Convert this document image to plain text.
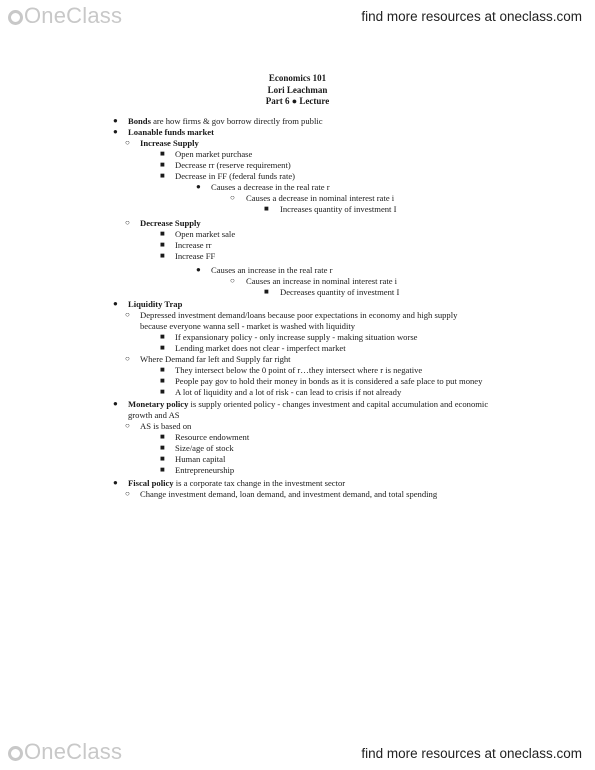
OneClass	find more resources at oneclass.com
Economics 101
Lori Leachman
Part 6 ● Lecture
● Bonds are how firms & gov borrow directly from public
● Loanable funds market
○ Increase Supply
■ Open market purchase
■ Decrease rr (reserve requirement)
■ Decrease in FF (federal funds rate)
● Causes a decrease in the real rate r
○ Causes a decrease in nominal interest rate i
■ Increases quantity of investment I
○ Decrease Supply
■ Open market sale
■ Increase rr
■ Increase FF
● Causes an increase in the real rate r
○ Causes an increase in nominal interest rate i
■ Decreases quantity of investment I
● Liquidity Trap
○ Depressed investment demand/loans because poor expectations in economy and high supply
because everyone wanna sell - market is washed with liquidity
■ If expansionary policy - only increase supply - making situation worse
■ Lending market does not clear - imperfect market
○ Where Demand far left and Supply far right
■ They intersect below the 0 point of r…they intersect where r is negative
■ People pay gov to hold their money in bonds as it is considered a safe place to put money
■ A lot of liquidity and a lot of risk - can lead to crisis if not already
● Monetary policy is supply oriented policy - changes investment and capital accumulation and economic
growth and AS
○ AS is based on
■ Resource endowment
■ Size/age of stock
■ Human capital
■ Entrepreneurship
● Fiscal policy is a corporate tax change in the investment sector
○ Change investment demand, loan demand, and investment demand, and total spending
OneClass	find more resources at oneclass.com
